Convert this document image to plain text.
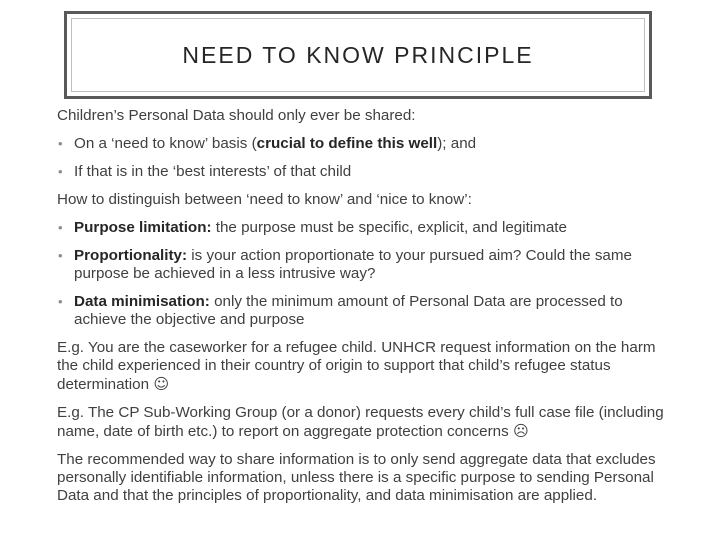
NEED TO KNOW PRINCIPLE

Children’s Personal Data should only ever be shared:

• On a ‘need to know’ basis (crucial to define this well); and
• If that is in the ‘best interests’ of that child

How to distinguish between ‘need to know’ and ‘nice to know’:

• Purpose limitation: the purpose must be specific, explicit, and legitimate
• Proportionality: is your action proportionate to your pursued aim? Could the same purpose be achieved in a less intrusive way?
• Data minimisation: only the minimum amount of Personal Data are processed to achieve the objective and purpose

E.g. You are the caseworker for a refugee child. UNHCR request information on the harm the child experienced in their country of origin to support that child’s refugee status determination ☺

E.g. The CP Sub-Working Group (or a donor) requests every child’s full case file (including name, date of birth etc.) to report on aggregate protection concerns ☹

The recommended way to share information is to only send aggregate data that excludes personally identifiable information, unless there is a specific purpose to sending Personal Data and that the principles of proportionality, and data minimisation are applied.
